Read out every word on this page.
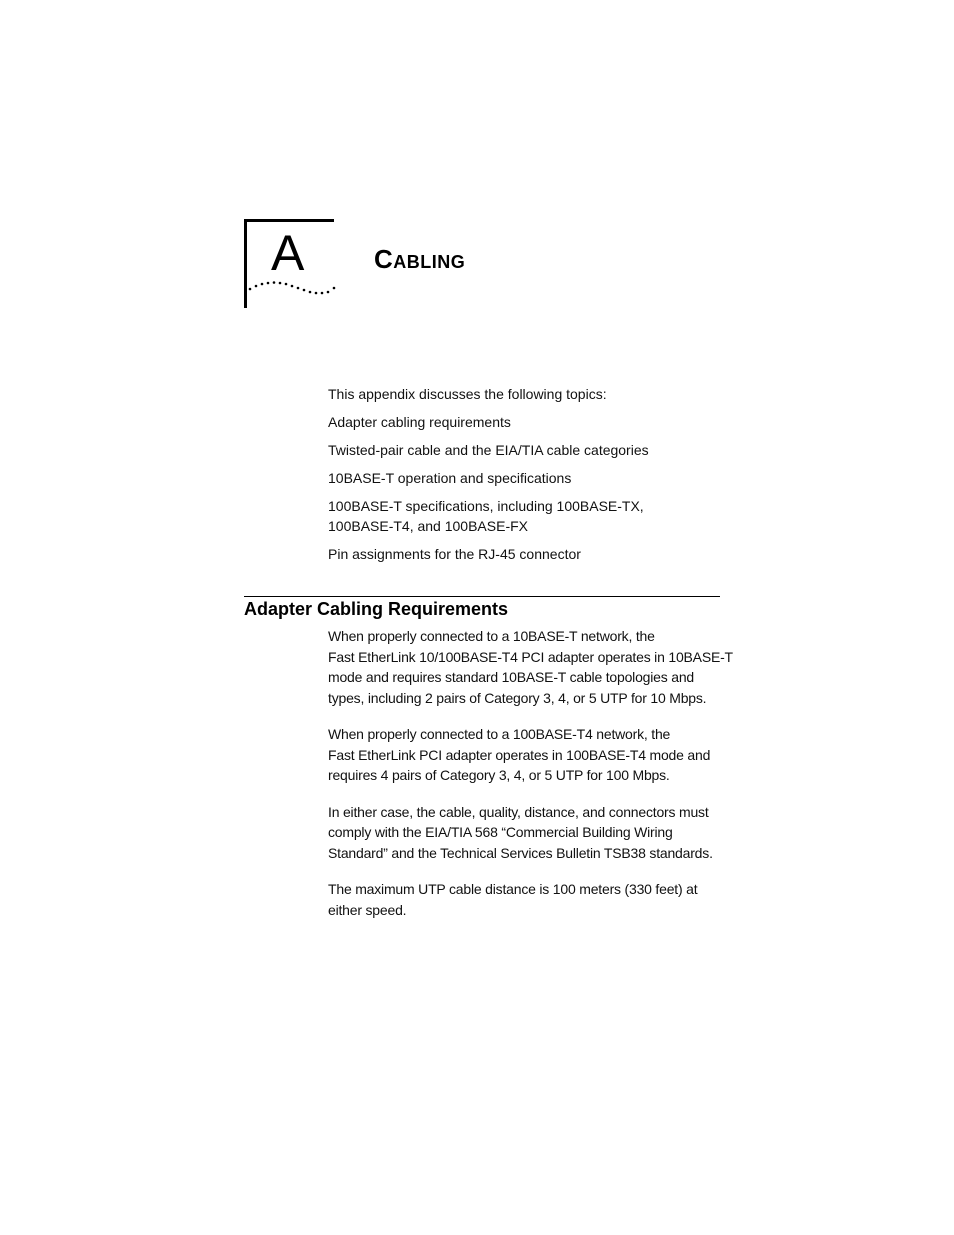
A	Cabling

This appendix discusses the following topics:

Adapter cabling requirements

Twisted-pair cable and the EIA/TIA cable categories

10BASE-T operation and specifications

100BASE-T specifications, including 100BASE-TX,
100BASE-T4, and 100BASE-FX

Pin assignments for the RJ-45 connector

Adapter Cabling Requirements

When properly connected to a 10BASE-T network, the
Fast EtherLink 10/100BASE-T4 PCI adapter operates in 10BASE-T
mode and requires standard 10BASE-T cable topologies and
types, including 2 pairs of Category 3, 4, or 5 UTP for 10 Mbps.

When properly connected to a 100BASE-T4 network, the
Fast EtherLink PCI adapter operates in 100BASE-T4 mode and
requires 4 pairs of Category 3, 4, or 5 UTP for 100 Mbps.

In either case, the cable, quality, distance, and connectors must
comply with the EIA/TIA 568 “Commercial Building Wiring
Standard” and the Technical Services Bulletin TSB38 standards.

The maximum UTP cable distance is 100 meters (330 feet) at
either speed.
